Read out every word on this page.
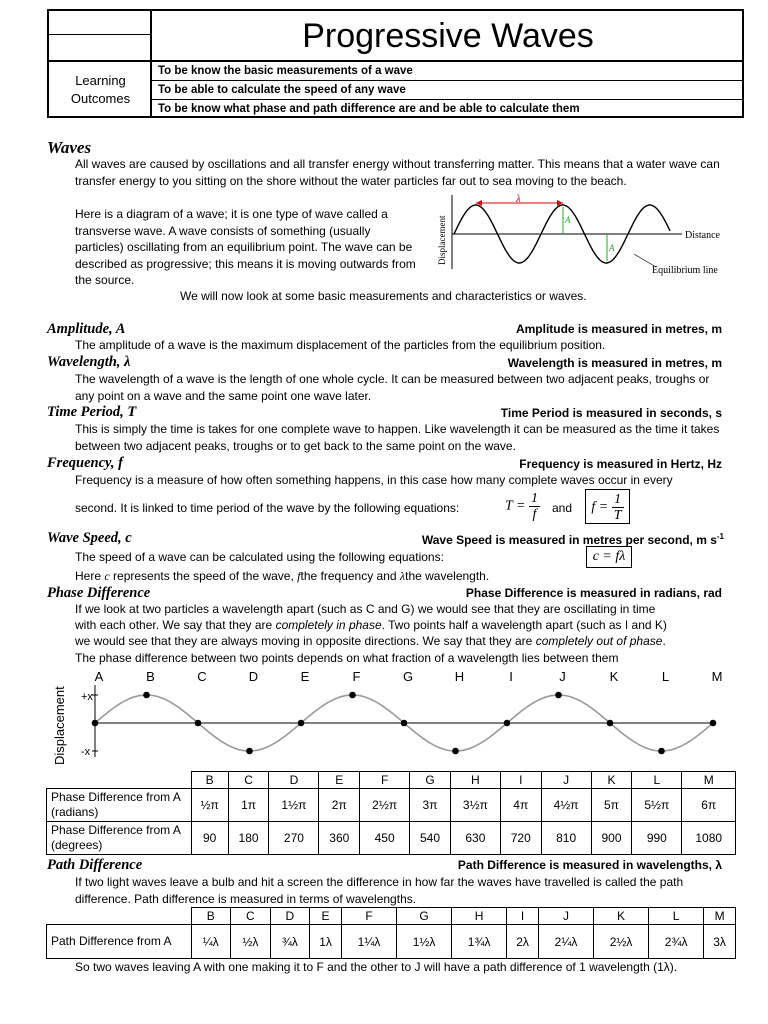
Progressive Waves
Learning Outcomes
To be know the basic measurements of a wave
To be able to calculate the speed of any wave
To be know what phase and path difference are and be able to calculate them
Waves
All waves are caused by oscillations and all transfer energy without transferring matter. This means that a water wave can transfer energy to you sitting on the shore without the water particles far out to sea moving to the beach.
Here is a diagram of a wave; it is one type of wave called a transverse wave. A wave consists of something (usually particles) oscillating from an equilibrium point. The wave can be described as progressive; this means it is moving outwards from the source.
λ
A
A
Displacement	Distance
Equilibrium line
We will now look at some basic measurements and characteristics or waves.
Amplitude, A	Amplitude is measured in metres, m
The amplitude of a wave is the maximum displacement of the particles from the equilibrium position.
Wavelength, λ	Wavelength is measured in metres, m
The wavelength of a wave is the length of one whole cycle. It can be measured between two adjacent peaks, troughs or any point on a wave and the same point one wave later.
Time Period, T	Time Period is measured in seconds, s
This is simply the time is takes for one complete wave to happen. Like wavelength it can be measured as the time it takes between two adjacent peaks, troughs or to get back to the same point on the wave.
Frequency, f	Frequency is measured in Hertz, Hz
Frequency is a measure of how often something happens, in this case how many complete waves occur in every
second. It is linked to time period of the wave by the following equations:	$T = \frac{1}{f}$ and	$f = \frac{1}{T}$
Wave Speed, c	Wave Speed is measured in metres per second, m $s^{-1}$
The speed of a wave can be calculated using the following equations:	c = fλ
Here c represents the speed of the wave, fthe frequency and λthe wavelength.
Phase Difference	Phase Difference is measured in radians, rad
If we look at two particles a wavelength apart (such as C and G) we would see that they are oscillating in time
with each other. We say that they are completely in phase. Two points half a wavelength apart (such as I and K)
we would see that they are always moving in opposite directions. We say that they are completely out of phase.
The phase difference between two points depends on what fraction of a wavelength lies between them
Displacement +x
-x
A	B	C	D	E	F	G	H	I	J	K	L	M
	B	C	D	E	F	G	H	I	J	K	L	M
Phase Difference from A (radians)	½π	1π	1½π	2π	2½π	3π	3½π	4π	4½π	5π	5½π	6π
Phase Difference from A (degrees)	90	180	270	360	450	540	630	720	810	900	990	1080
Path Difference	Path Difference is measured in wavelengths, λ
If two light waves leave a bulb and hit a screen the difference in how far the waves have travelled is called the path difference. Path difference is measured in terms of wavelengths.
	B	C	D	E	F	G	H	I	J	K	L	M
Path Difference from A	¼λ	½λ	¾λ	1λ	1¼λ	1½λ	1¾λ	2λ	2¼λ	2½λ	2¾λ	3λ
So two waves leaving A with one making it to F and the other to J will have a path difference of 1 wavelength (1λ).
